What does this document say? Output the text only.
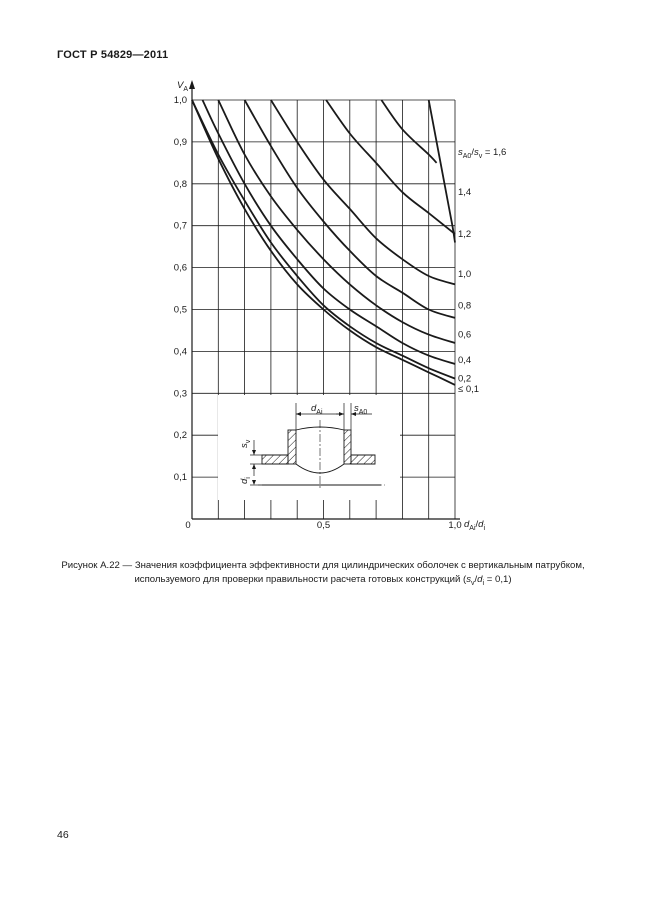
ГОСТ Р 54829—2011
$d_{Ai}$	$s_{A0}$
$s_v$
$d_i$
1,0
0,9
0,8
0,7
0,6
0,5
0,4
0,3
0,2
0,1
0	0,5	1,0
$V_A$
$d_{Ai}/d_i$
$s_{A0}/s_v = 1,6$
1,4
1,2
1,0
0,8
0,6
0,4
0,2
≤ 0,1
Рисунок А.22 — Значения коэффициента эффективности для цилиндрических оболочек с вертикальным патрубком, используемого для проверки правильности расчета готовых конструкций $(s_v/d_i = 0,1)$
46
